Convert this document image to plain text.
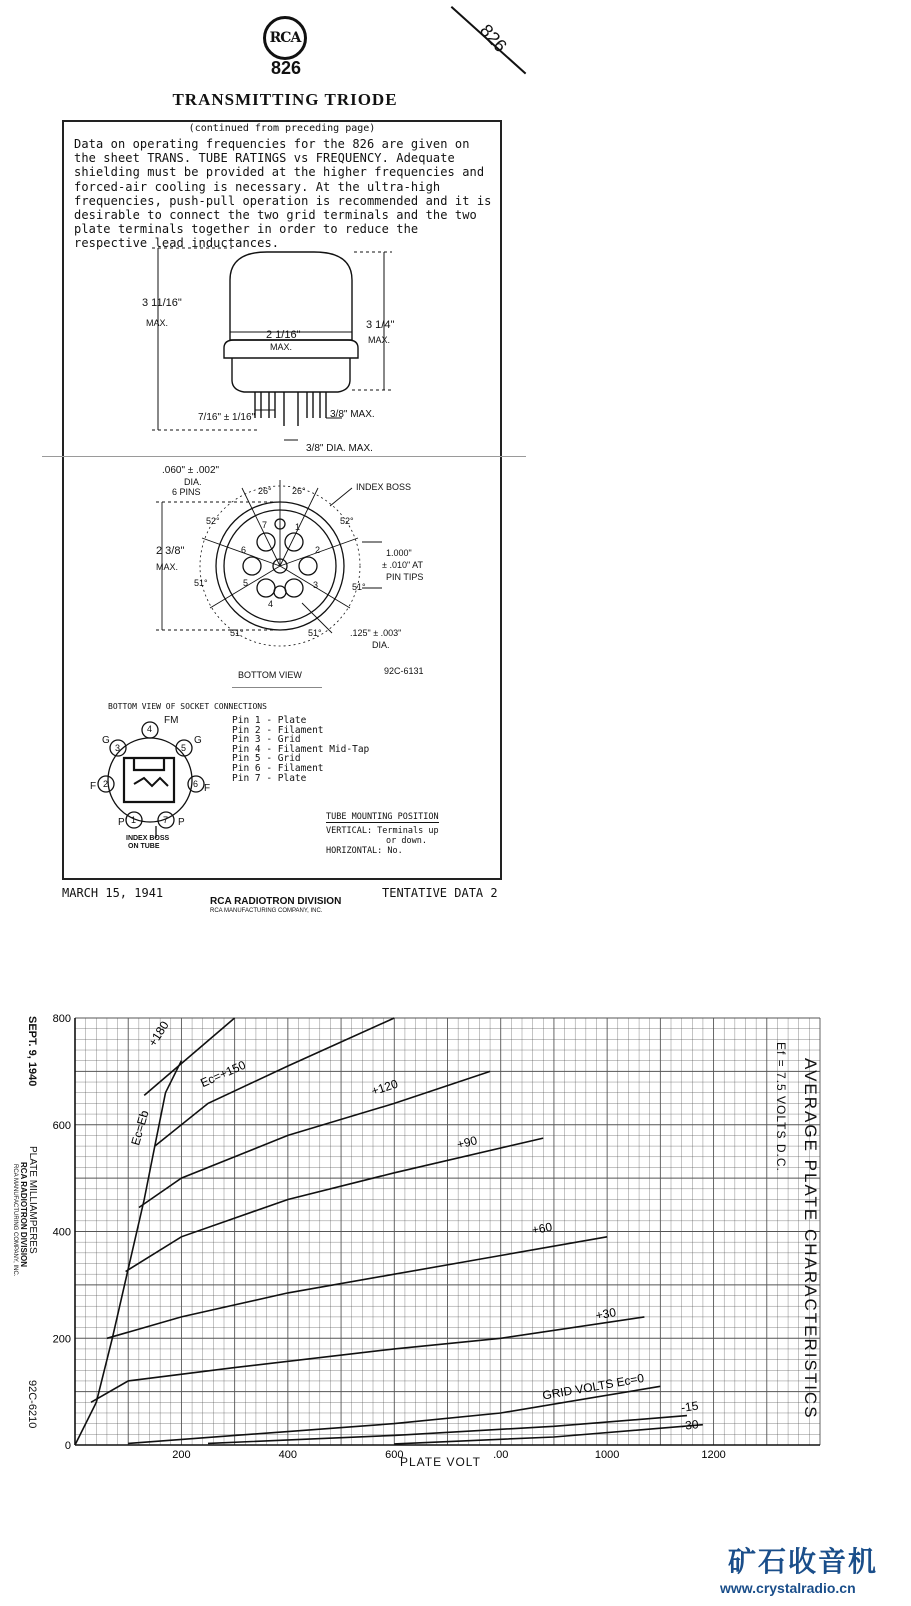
RCA
826
TRANSMITTING TRIODE
826
(continued from preceding page)
Data on operating frequencies for the 826 are given on the sheet TRANS. TUBE RATINGS vs FREQUENCY. Adequate shielding must be provided at the higher frequencies and forced-air cooling is necessary. At the ultra-high frequencies, push-pull operation is recommended and it is desirable to connect the two grid terminals and the two plate terminals together in order to reduce the respective lead inductances.
3 11/16"
MAX.
2 1/16"
MAX.
3 1/4"
MAX.
7/16" ± 1/16"	3/8" MAX.
3/8" DIA. MAX.
.060" ± .002"
DIA.
6 PINS	26° 26°	INDEX BOSS
52°	52°
2 3/8"
MAX.
1.000"
± .010" AT
PIN TIPS
51°	51°
51°	51°	.125" ± .003"
DIA.
BOTTOM VIEW	92C-6131
7	1
2
3
4
5
6
BOTTOM VIEW OF SOCKET CONNECTIONS
4
3	5
2	6
1	7
FM
G	G
F	F
P	P
INDEX BOSS
ON TUBE
Pin 1 - Plate
Pin 2 - Filament
Pin 3 - Grid
Pin 4 - Filament Mid-Tap
Pin 5 - Grid
Pin 6 - Filament
Pin 7 - Plate
TUBE MOUNTING POSITION
VERTICAL: Terminals up
or down.
HORIZONTAL: No.
MARCH 15, 1941
RCA RADIOTRON DIVISION
RCA MANUFACTURING COMPANY, INC.
TENTATIVE DATA 2
200	400	600	.00	1000	1200
0
200
400
600
800	+180
Ec=+150	+120
+90
+60
+30
GRID VOLTS Ec=0
-15
-30
Ec=Eb	AVERAGE PLATE CHARACTERISTICS
Ef = 7.5 VOLTS D.C.
SEPT. 9, 1940
PLATE MILLIAMPERES
RCA RADIOTRON DIVISION
RCA MANUFACTURING COMPANY, INC.
92C-6210
PLATE VOLT
矿石收音机
www.crystalradio.cn
